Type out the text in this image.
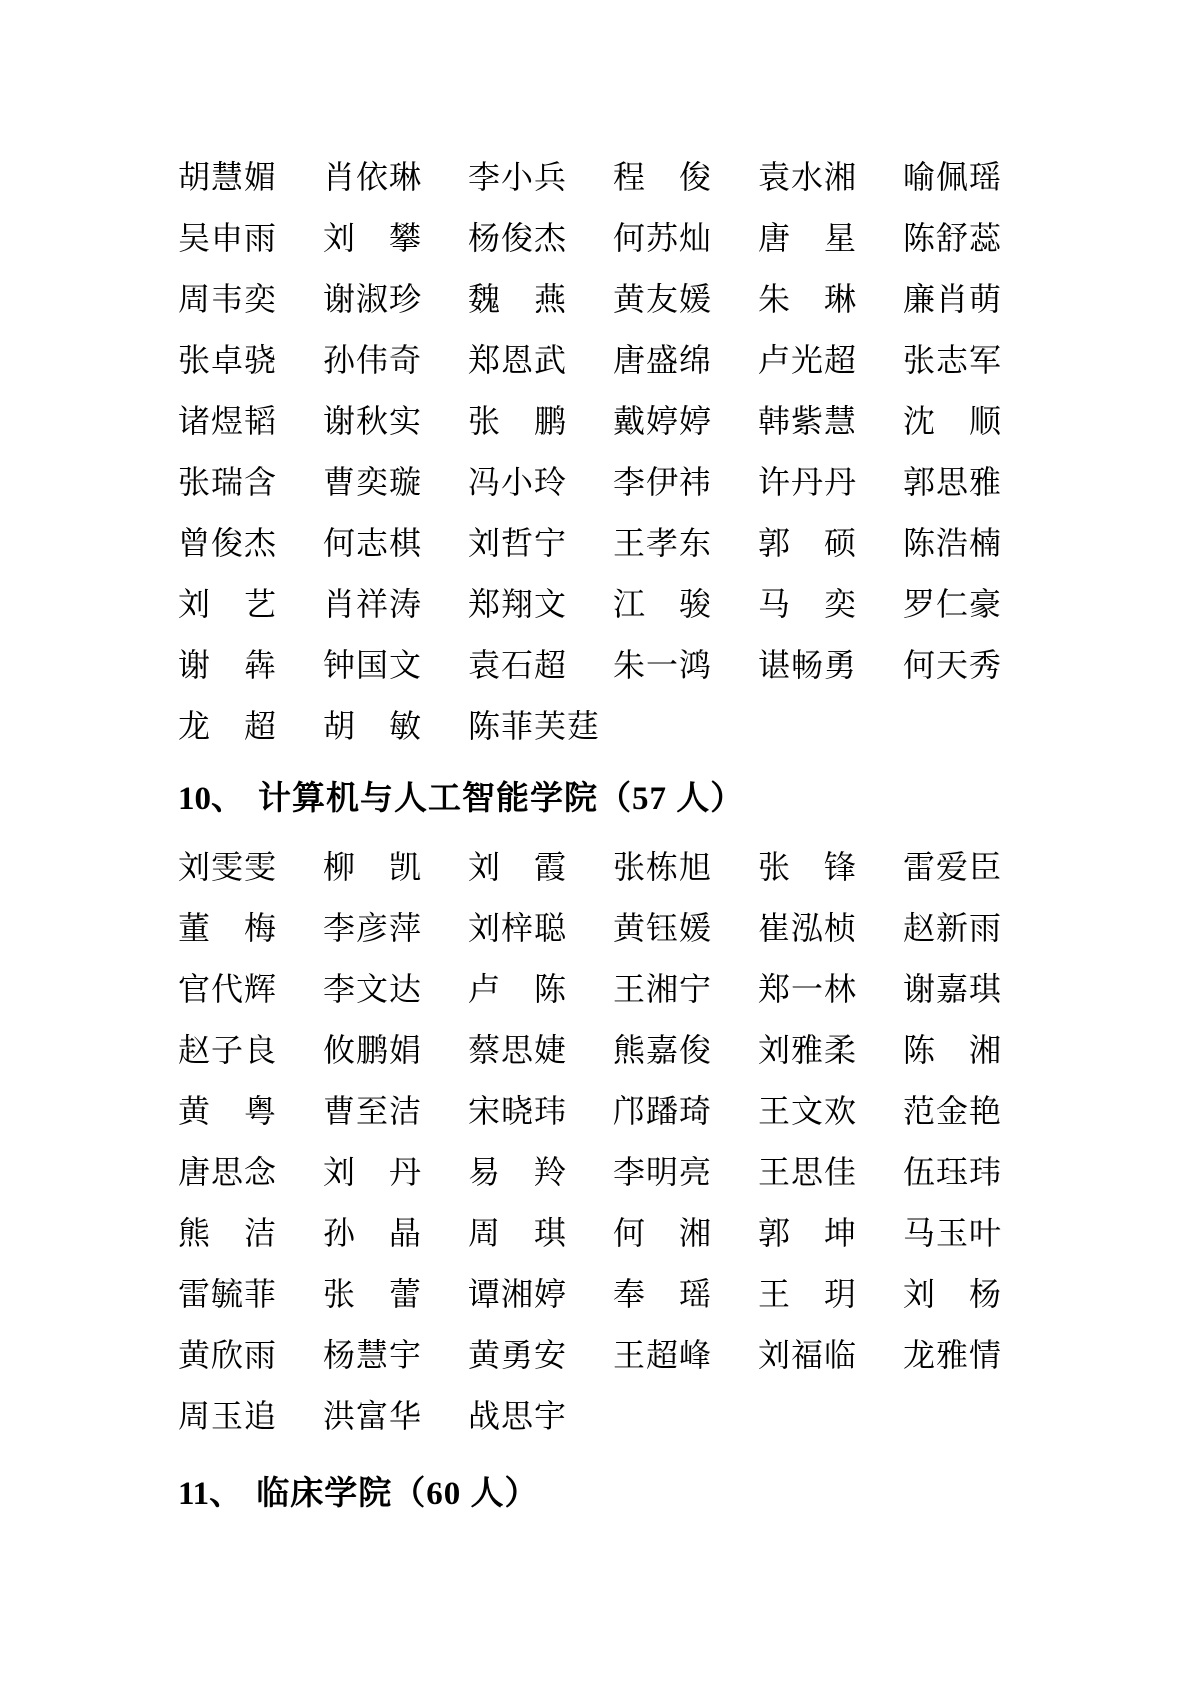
胡慧媚 肖依琳 李小兵 程　俊 袁水湘 喻佩瑶
吴申雨 刘　攀 杨俊杰 何苏灿 唐　星 陈舒蕊
周韦奕 谢淑珍 魏　燕 黄友媛 朱　琳 廉肖萌
张卓骁 孙伟奇 郑恩武 唐盛绵 卢光超 张志军
诸煜韬 谢秋实 张　鹏 戴婷婷 韩紫慧 沈　顺
张瑞含 曹奕璇 冯小玲 李伊祎 许丹丹 郭思雅
曾俊杰 何志棋 刘哲宁 王孝东 郭　硕 陈浩楠
刘　艺 肖祥涛 郑翔文 江　骏 马　奕 罗仁豪
谢　犇 钟国文 袁石超 朱一鸿 谌畅勇 何天秀
龙　超 胡　敏 陈菲芙莛
10、 计算机与人工智能学院（57 人）
刘雯雯 柳　凯 刘　霞 张栋旭 张　锋 雷爱臣
董　梅 李彦萍 刘梓聪 黄钰媛 崔泓桢 赵新雨
官代辉 李文达 卢　陈 王湘宁 郑一林 谢嘉琪
赵子良 攸鹏娟 蔡思婕 熊嘉俊 刘雅柔 陈　湘
黄　粤 曹至洁 宋晓玮 邝蹯琦 王文欢 范金艳
唐思念 刘　丹 易　羚 李明亮 王思佳 伍珏玮
熊　洁 孙　晶 周　琪 何　湘 郭　坤 马玉叶
雷毓菲 张　蕾 谭湘婷 奉　瑶 王　玥 刘　杨
黄欣雨 杨慧宇 黄勇安 王超峰 刘福临 龙雅情
周玉追 洪富华 战思宇
11、 临床学院（60 人）
